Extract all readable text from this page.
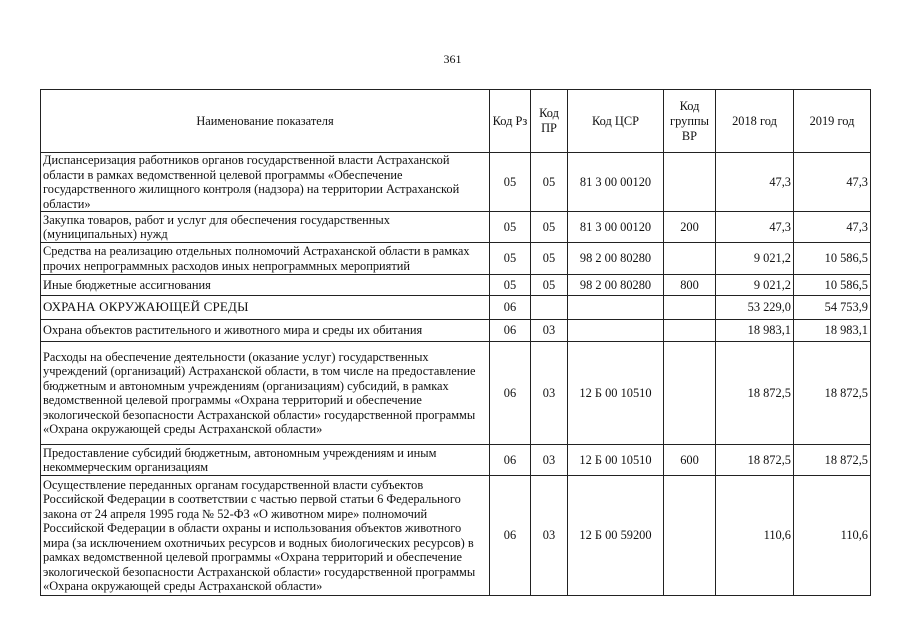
361
Наименование показателя	Код Рз	Код ПР	Код ЦСР	Код группы ВР	2018 год	2019 год
Диспансеризация работников органов государственной власти Астраханской области в рамках ведомственной целевой программы «Обеспечение государственного жилищного контроля (надзора) на территории Астраханской области»	05	05	81 3 00 00120		47,3	47,3
Закупка товаров, работ и услуг для обеспечения государственных (муниципальных) нужд	05	05	81 3 00 00120	200	47,3	47,3
Средства на реализацию отдельных полномочий Астраханской области в рамках прочих непрограммных расходов иных непрограммных мероприятий	05	05	98 2 00 80280		9 021,2	10 586,5
Иные бюджетные ассигнования	05	05	98 2 00 80280	800	9 021,2	10 586,5
ОХРАНА ОКРУЖАЮЩЕЙ СРЕДЫ	06				53 229,0	54 753,9
Охрана объектов растительного и животного мира и среды их обитания	06	03			18 983,1	18 983,1
Расходы на обеспечение деятельности (оказание услуг) государственных учреждений (организаций) Астраханской области, в том числе на предоставление бюджетным и автономным учреждениям (организациям) субсидий, в рамках ведомственной целевой программы «Охрана территорий и обеспечение экологической безопасности Астраханской области» государственной программы «Охрана окружающей среды Астраханской области»	06	03	12 Б 00 10510		18 872,5	18 872,5
Предоставление субсидий бюджетным, автономным учреждениям и иным некоммерческим организациям	06	03	12 Б 00 10510	600	18 872,5	18 872,5
Осуществление переданных органам государственной власти субъектов Российской Федерации в соответствии с частью первой статьи 6 Федерального закона от 24 апреля 1995 года № 52-ФЗ «О животном мире» полномочий Российской Федерации в области охраны и использования объектов животного мира (за исключением охотничьих ресурсов и водных биологических ресурсов) в рамках ведомственной целевой программы «Охрана территорий и обеспечение экологической безопасности Астраханской области» государственной программы «Охрана окружающей среды Астраханской области»	06	03	12 Б 00 59200		110,6	110,6
